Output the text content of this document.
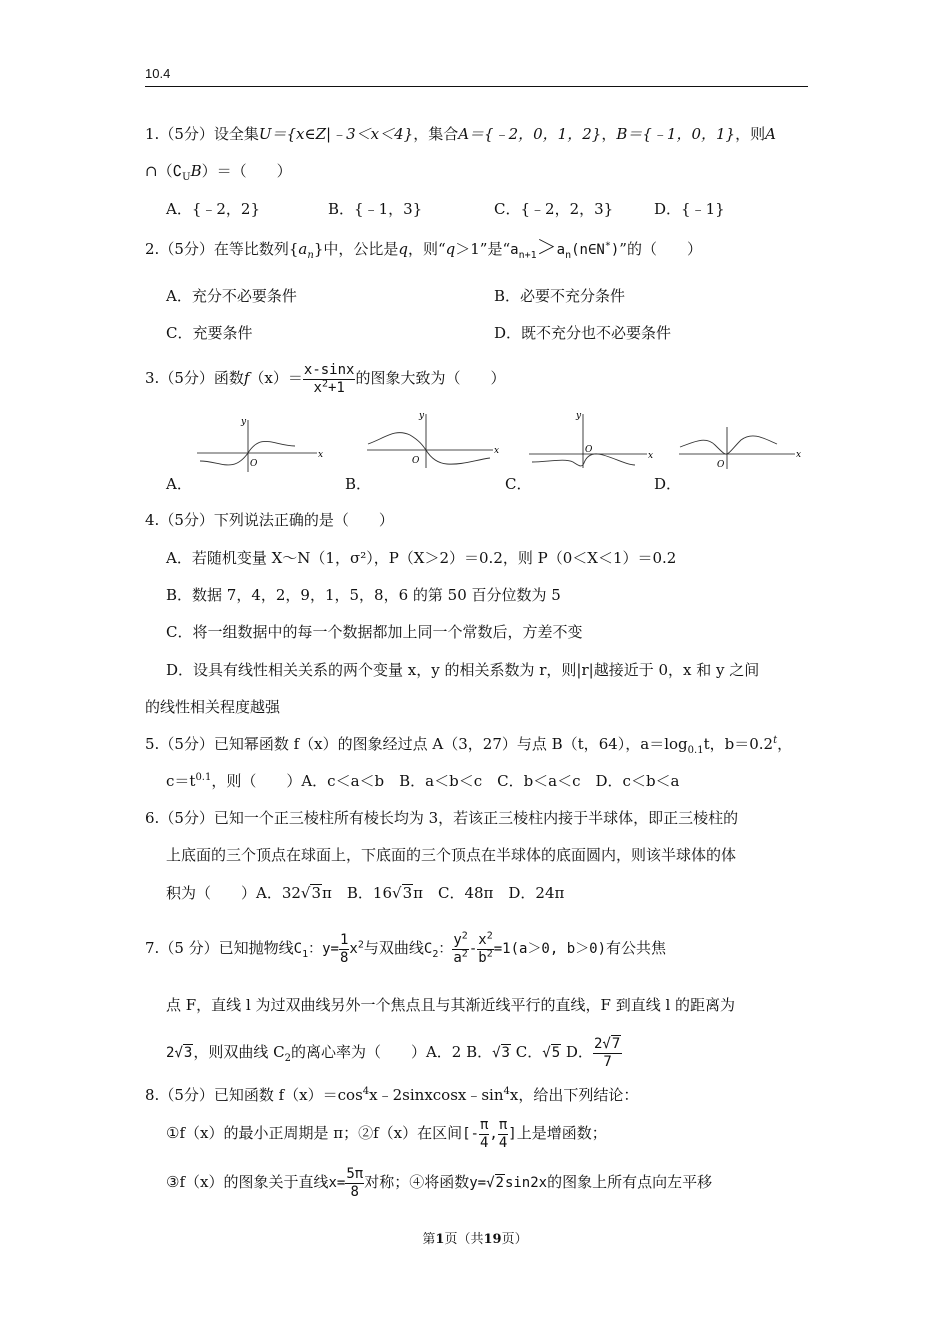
10.4
1.（5分）设全集U＝{x∈Z|﹣3＜x＜4}，集合A＝{﹣2，0，1，2}，B＝{﹣1，0，1}，则A
$\cap(∁_UB)=$（　　）
A．{﹣2，2}	B．{﹣1，3}	C．{﹣2，2，3}	D．{﹣1}
2.（5分）在等比数列$\{a_n\}$中，公比是q，则“q＞1”是“$a_{n+1}>a_n(n\in N^*)$”的（　　）
A．充分不必要条件	B．必要不充分条件
C．充要条件	D．既不充分也不必要条件
3.（5分）函数$f(x)= \frac{x-\sin x}{x^2+1}$ 的图象大致为（　　）
x
y
O
x
y
O	x
y
O	x
O
A．	B．	C．	D．
4.（5分）下列说法正确的是（　　）
A．若随机变量 X～N（1，σ²），P（X＞2）＝0.2，则 P（0＜X＜1）＝0.2
B．数据 7，4，2，9，1，5，8，6 的第 50 百分位数为 5
C．将一组数据中的每一个数据都加上同一个常数后，方差不变
D．设具有线性相关关系的两个变量 x，y 的相关系数为 r，则|r|越接近于 0，x 和 y 之间
的线性相关程度越强
5.（5分）已知幂函数 f（x）的图象经过点 A（3，27）与点 B（t，64），$a=\log_{0.1}t$，$b=0.2^t$，
$c=t^{0.1}$，则（　　）A．c＜a＜b　B．a＜b＜c　C．b＜a＜c　D．c＜b＜a
6.（5分）已知一个正三棱柱所有棱长均为 3，若该正三棱柱内接于半球体，即正三棱柱的
上底面的三个顶点在球面上，下底面的三个顶点在半球体的底面圆内，则该半球体的体
积为（　　）A．32√3π　B．16√3π　C．48π　D．24π
7.（5 分）已知抛物线$C_1$：$y= \frac{1}{8} x^2$与双曲线$C_2$： $\frac{y^2}{a^2} - \frac{x^2}{b^2} =1(a>0$, b＞0)有公共焦
点 F，直线 l 为过双曲线另外一个焦点且与其渐近线平行的直线，F 到直线 l 的距离为
2√3，则双曲线 $C_2$的离心率为（　　）A．2 B．√3 C．√5 D． $\frac{2√7}{7}$
8.（5分）已知函数 $f(x)=\cos^4x﹣2sinxcosx﹣\sin^4x$，给出下列结论：
①f（x）的最小正周期是 π；②f（x）在区间[- $\frac{\pi}{4}$ , $\frac{\pi}{4}$ ]上是增函数；
③f（x）的图象关于直线$x= \frac{5\pi}{8}$ 对称；④将函数y=√2sin2x的图象上所有点向左平移
第1页（共19页）
